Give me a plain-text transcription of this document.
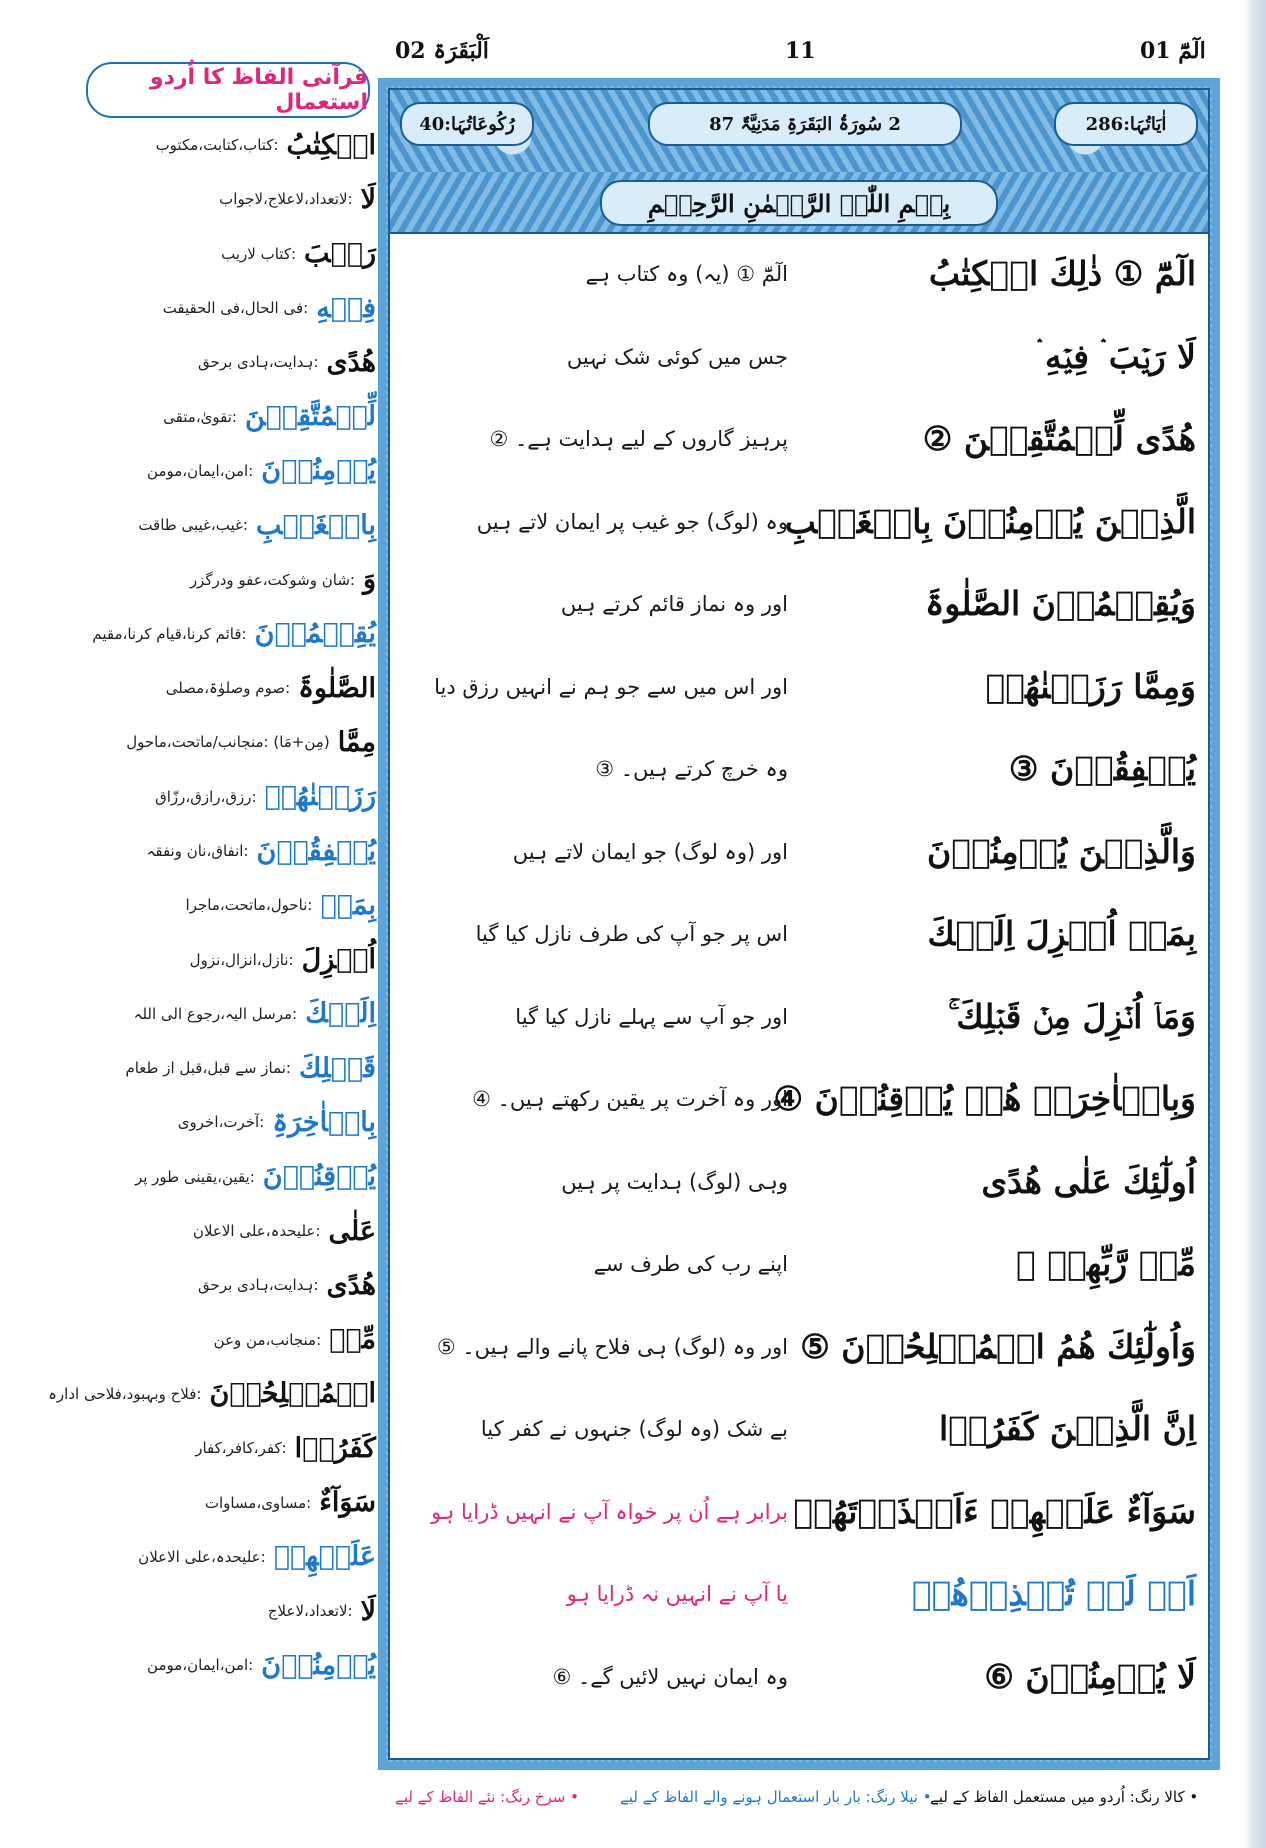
اَلْبَقَرَۃ 02	11	الٓمّٓ 01
قرآنی الفاظ کا اُردو استعمال
الۡکِتٰبُ
:کتاب،کتابت،مکتوب
لَا
:لاتعداد،لاعلاج،لاجواب
رَیۡبَ
:کتاب لاریب
فِیۡهِ
:فی الحال،فی الحقیقت
هُدًی
:ہدایت،ہادی برحق
لِّلۡمُتَّقِیۡنَ
:تقویٰ،متقی
یُؤۡمِنُوۡنَ
:امن،ایمان،مومن
بِالۡغَیۡبِ
:غیب،غیبی طاقت
وَ
:شان وشوکت،عفو ودرگزر
یُقِیۡمُوۡنَ
:قائم کرنا،قیام کرنا،مقیم
الصَّلٰوۃَ
:صوم وصلوٰۃ،مصلی
مِمَّا
(مِن+مَا) :منجانب/ماتحت،ماحول
رَزَقۡنٰهُمۡ
:رزق،رازق،رزّاق
یُنۡفِقُوۡنَ
:انفاق،نان ونفقہ
بِمَاۤ
:ناحول،ماتحت،ماجرا
اُنۡزِلَ
:نازل،انزال،نزول
اِلَیۡكَ
:مرسل الیہ،رجوع الی اللہ
قَبۡلِكَ
:نماز سے قبل،قبل از طعام
بِالۡاٰخِرَۃِ
:آخرت،اخروی
یُوۡقِنُوۡنَ
:یقین،یقینی طور پر
عَلٰی
:علیحدہ،علی الاعلان
هُدًی
:ہدایت،ہادی برحق
مِّنۡ
:منجانب،من وعن
الۡمُفۡلِحُوۡنَ
:فلاح وبہبود،فلاحی ادارہ
کَفَرُوۡا
:کفر،کافر،کفار
سَوَآءٌ
:مساوی،مساوات
عَلَیۡهِمۡ
:علیحدہ،علی الاعلان
لَا
:لاتعداد،لاعلاج
یُؤۡمِنُوۡنَ
:امن،ایمان،مومن
رُکُوعَاتُہَا:40	2 سُورَۃُ البَقَرَۃِ مَدَنِیَّۃٌ 87	اٰیَاتُہَا:286
بِسۡمِ اللّٰہِ الرَّحۡمٰنِ الرَّحِیۡمِ
الٓمّٓ ① ذٰلِكَ الۡكِتٰبُ
الٓمّٓ ① (یہ) وہ کتاب ہے
لَا رَیۡبَ ۛ فِیۡهِ ۛ
جس میں کوئی شک نہیں
هُدًی لِّلۡمُتَّقِیۡنَ ②
پرہیز گاروں کے لیے ہدایت ہے۔ ②
الَّذِیۡنَ یُؤۡمِنُوۡنَ بِالۡغَیۡبِ
وہ (لوگ) جو غیب پر ایمان لاتے ہیں
وَیُقِیۡمُوۡنَ الصَّلٰوۃَ
اور وہ نماز قائم کرتے ہیں
وَمِمَّا رَزَقۡنٰهُمۡ
اور اس میں سے جو ہم نے انہیں رزق دیا
یُنۡفِقُوۡنَ ③
وہ خرچ کرتے ہیں۔ ③
وَالَّذِیۡنَ یُؤۡمِنُوۡنَ
اور (وہ لوگ) جو ایمان لاتے ہیں
بِمَاۤ اُنۡزِلَ اِلَیۡكَ
اس پر جو آپ کی طرف نازل کیا گیا
وَمَاۤ اُنۡزِلَ مِنۡ قَبۡلِكَ ۚ
اور جو آپ سے پہلے نازل کیا گیا
وَبِالۡاٰخِرَۃِ هُمۡ یُوۡقِنُوۡنَ ④
اور وہ آخرت پر یقین رکھتے ہیں۔ ④
اُولٰٓئِكَ عَلٰی هُدًی
وہی (لوگ) ہدایت پر ہیں
مِّنۡ رَّبِّهِمۡ ۚ
اپنے رب کی طرف سے
وَاُولٰٓئِكَ هُمُ الۡمُفۡلِحُوۡنَ ⑤
اور وہ (لوگ) ہی فلاح پانے والے ہیں۔ ⑤
اِنَّ الَّذِیۡنَ کَفَرُوۡا
بے شک (وہ لوگ) جنہوں نے کفر کیا
سَوَآءٌ عَلَیۡهِمۡ ءَاَنۡذَرۡتَهُمۡ
برابر ہے اُن پر خواہ آپ نے انہیں ڈرایا ہو
اَمۡ لَمۡ تُنۡذِرۡهُمۡ
یا آپ نے انہیں نہ ڈرایا ہو
لَا یُؤۡمِنُوۡنَ ⑥
وہ ایمان نہیں لائیں گے۔ ⑥
• کالا رنگ: اُردو میں مستعمل الفاظ کے لیے
• نیلا رنگ: بار بار استعمال ہونے والے الفاظ کے لیے
• سرخ رنگ: نئے الفاظ کے لیے
